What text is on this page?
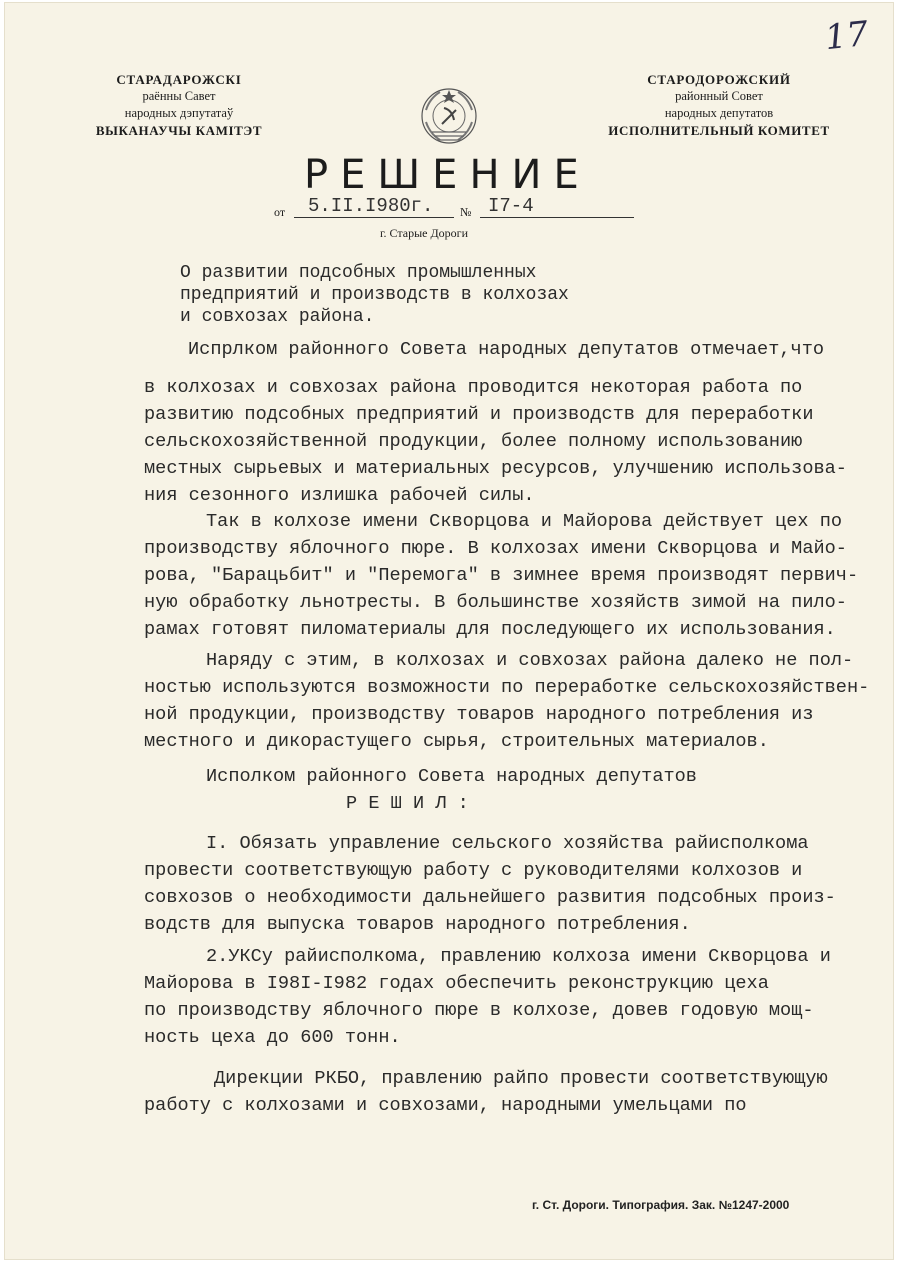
17
СТАРАДАРОЖСКI
раённы Савет
народных дэпутатаў
ВЫКАНАУЧЫ КАМIТЭТ
СТАРОДОРОЖСКИЙ
районный Совет
народных депутатов
ИСПОЛНИТЕЛЬНЫЙ КОМИТЕТ
РЕШЕНИЕ
от 5.II.I980г. № I7-4
г. Старые Дороги
О развитии подсобных промышленных
предприятий и производств в колхозах
и совхозах района.
Испрлком районного Совета народных депутатов отмечает,что
в колхозах и совхозах района проводится некоторая работа по
развитию подсобных предприятий и производств для переработки
сельскохозяйственной продукции, более полному использованию
местных сырьевых и материальных ресурсов, улучшению использова-
ния сезонного излишка рабочей силы.
Так в колхозе имени Скворцова и Майорова действует цех по
производству яблочного пюре. В колхозах имени Скворцова и Майо-
рова, "Барацьбит" и "Перемога" в зимнее время производят первич-
ную обработку льнотресты. В большинстве хозяйств зимой на пило-
рамах готовят пиломатериалы для последующего их использования.
Наряду с этим, в колхозах и совхозах района далеко не пол-
ностью используются возможности по переработке сельскохозяйствен-
ной продукции, производству товаров народного потребления из
местного и дикорастущего сырья, строительных материалов.
Исполком районного Совета народных депутатов
Р Е Ш И Л :
I. Обязать управление сельского хозяйства райисполкома
провести соответствующую работу с руководителями колхозов и
совхозов о необходимости дальнейшего развития подсобных произ-
водств для выпуска товаров народного потребления.
2.УКСу райисполкома, правлению колхоза имени Скворцова и
Майорова в I98I-I982 годах обеспечить реконструкцию цеха
по производству яблочного пюре в колхозе, довев годовую мощ-
ность цеха до 600 тонн.
Дирекции РКБО, правлению райпо провести соответствующую
работу с колхозами и совхозами, народными умельцами по
г. Ст. Дороги. Типография. Зак. №1247-2000
